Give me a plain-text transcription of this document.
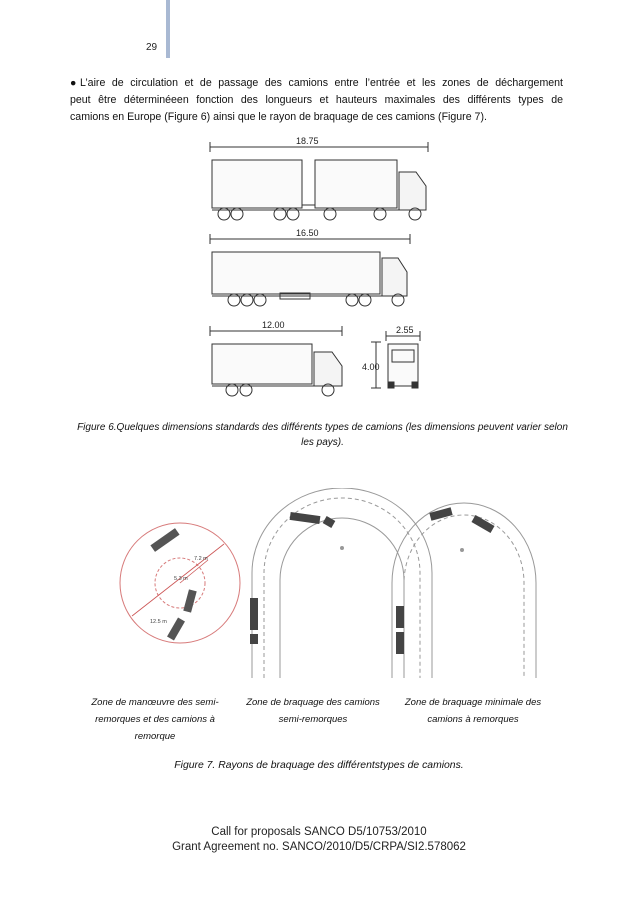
29

●L’aire de circulation et de passage des camions entre l’entrée et les zones de déchargement
peut être déterminéeen fonction des longueurs et hauteurs maximales des différents types de
camions en Europe (Figure 6) ainsi que le rayon de braquage de ces camions (Figure 7).

18.75
16.50
12.00	2.55
4.00

Figure 6.Quelques dimensions standards des différents types de camions (les dimensions peuvent varier selon les pays).

12.5 m
5.3 m
7.2 m

Zone de manœuvre des semi-remorques et des camions à remorque

Zone de braquage des camions semi-remorques

Zone de braquage minimale des camions à remorques

Figure 7. Rayons de braquage des différentstypes de camions.

Call for proposals SANCO D5/10753/2010
Grant Agreement no. SANCO/2010/D5/CRPA/SI2.578062
